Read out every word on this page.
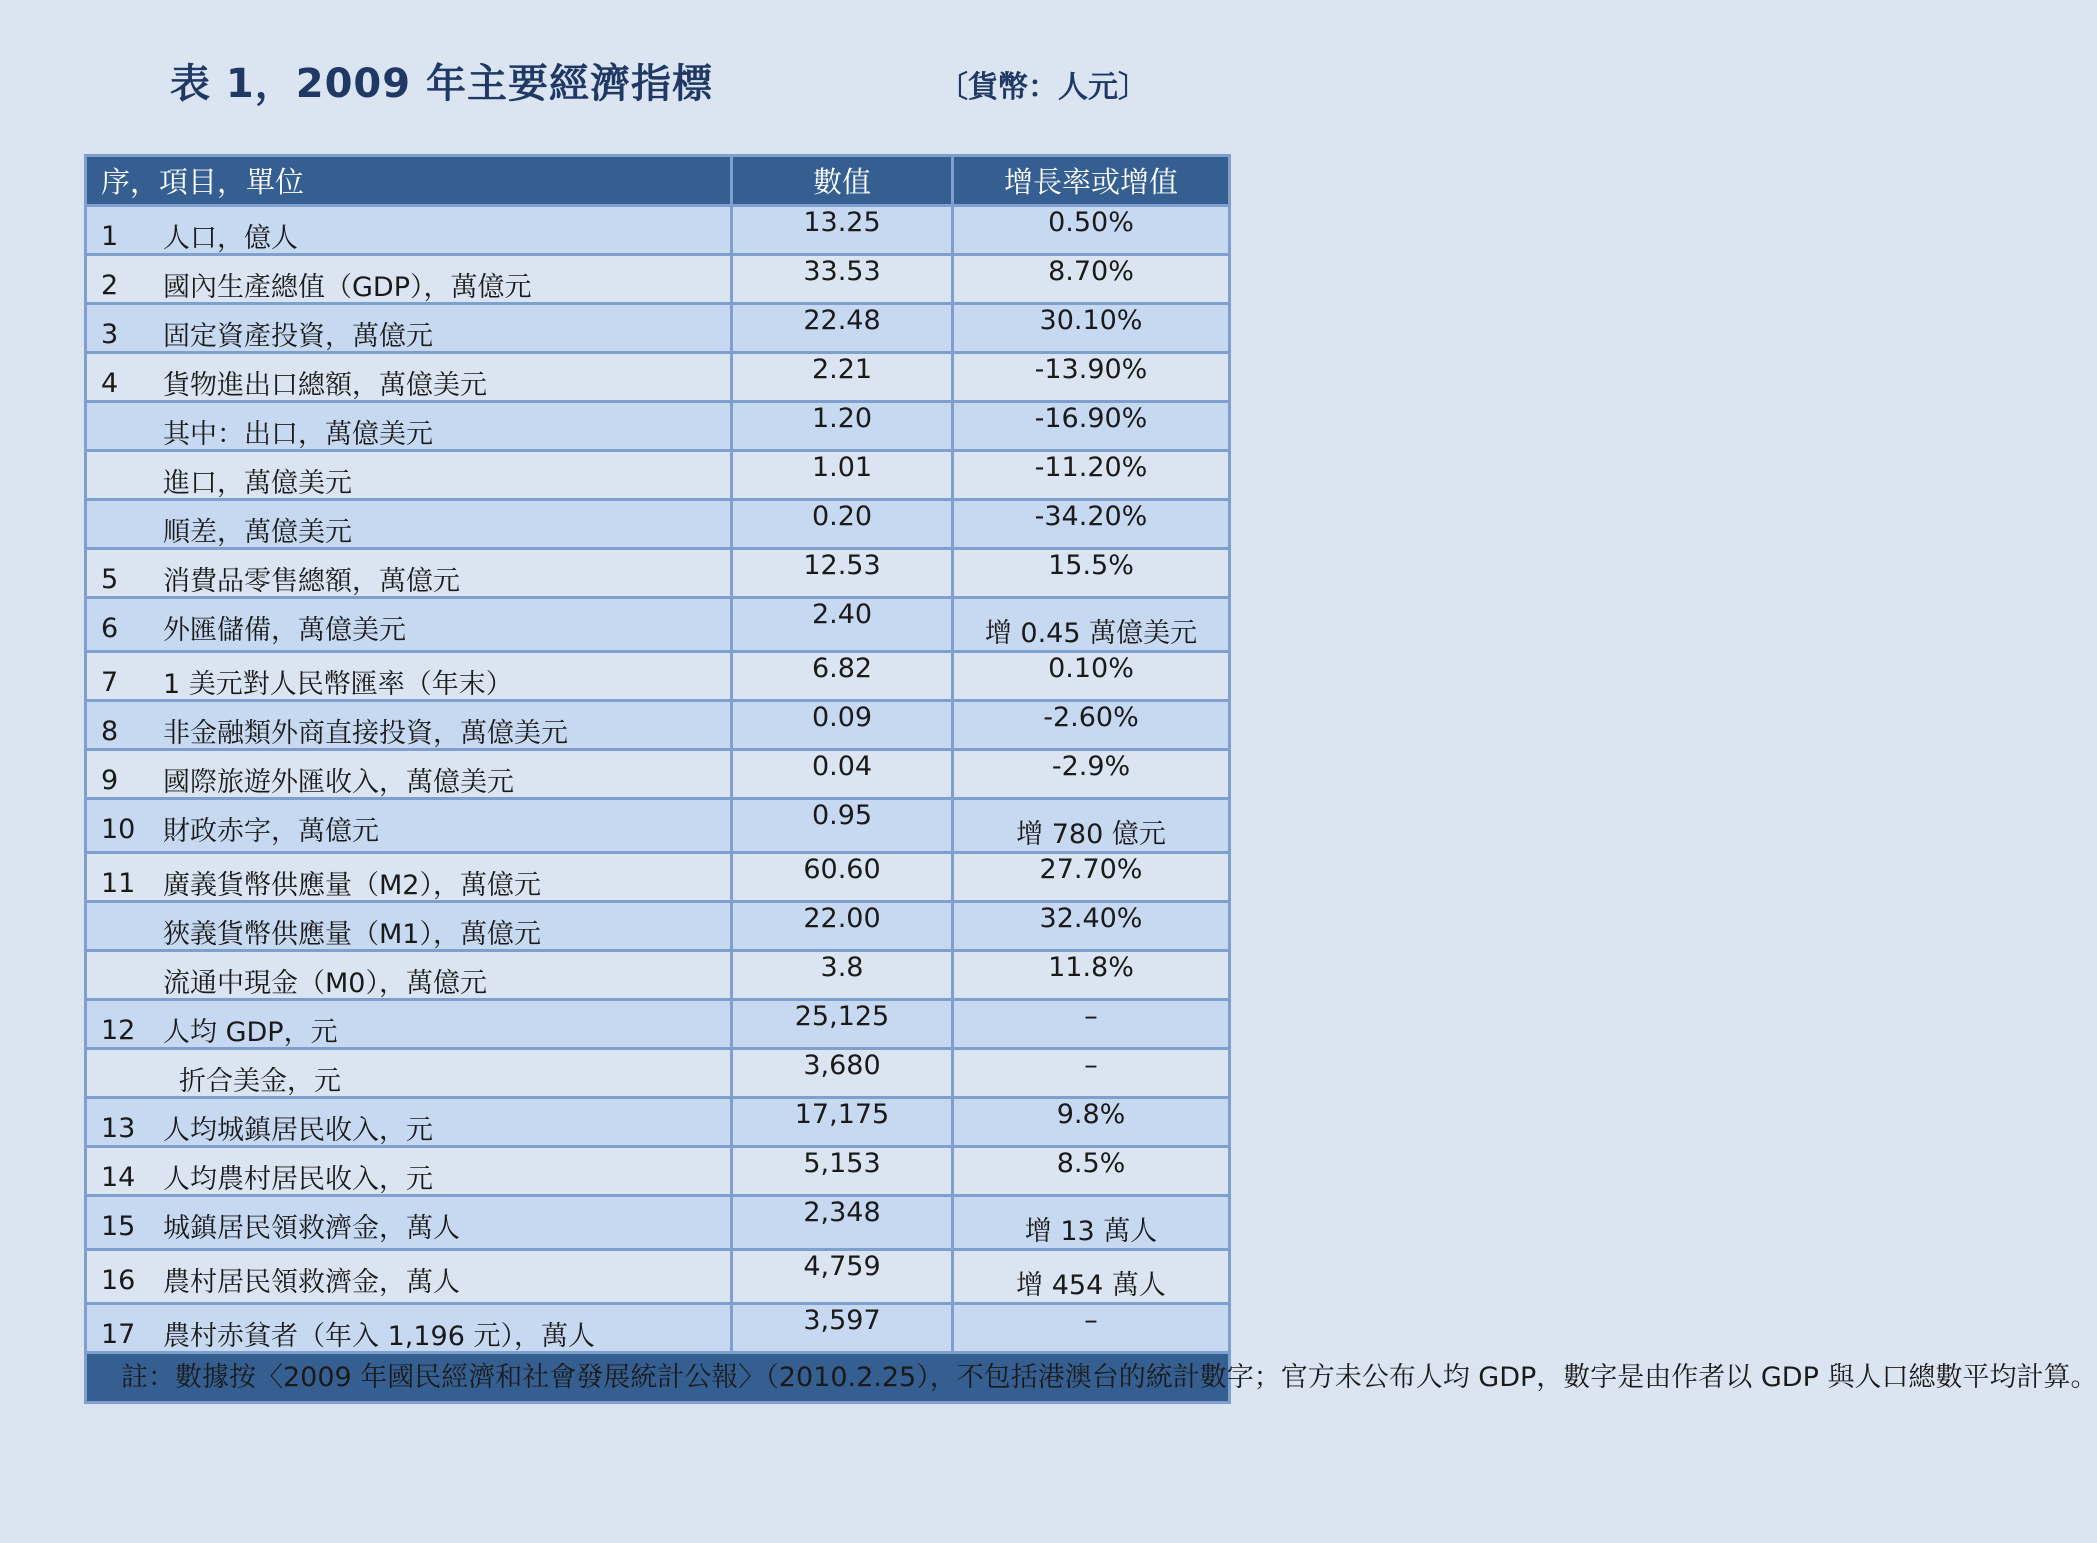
表 1，2009 年主要經濟指標	〔貨幣：人元〕
序，項目，單位	數值	增長率或增值

1 人口，億人	13.25	0.50%

2 國內生產總值（GDP），萬億元	33.53	8.70%

3 固定資產投資，萬億元	22.48	30.10%

4 貨物進出口總額，萬億美元	2.21	-13.90%

其中：出口，萬億美元	1.20	-16.90%

進口，萬億美元	1.01	-11.20%

順差，萬億美元	0.20	-34.20%

5 消費品零售總額，萬億元	12.53	15.5%

6 外匯儲備，萬億美元	2.40	增 0.45 萬億美元

7 1 美元對人民幣匯率（年末）	6.82	0.10%

8 非金融類外商直接投資，萬億美元	0.09	-2.60%

9 國際旅遊外匯收入，萬億美元	0.04	-2.9%

10 財政赤字，萬億元	0.95	增 780 億元

11 廣義貨幣供應量（M2），萬億元	60.60	27.70%

狹義貨幣供應量（M1），萬億元	22.00	32.40%

流通中現金（M0），萬億元	3.8	11.8%

12 人均 GDP，元	25,125	–

折合美金，元	3,680	–

13 人均城鎮居民收入，元	17,175	9.8%

14 人均農村居民收入，元	5,153	8.5%

15 城鎮居民領救濟金，萬人	2,348	增 13 萬人

16 農村居民領救濟金，萬人	4,759	增 454 萬人

17 農村赤貧者（年入 1,196 元），萬人	3,597	–
註：數據按〈2009 年國民經濟和社會發展統計公報〉（2010.2.25），不包括港澳台的統計數字；官方未公布人均 GDP，數字是由作者以 GDP 與人口總數平均計算。		
